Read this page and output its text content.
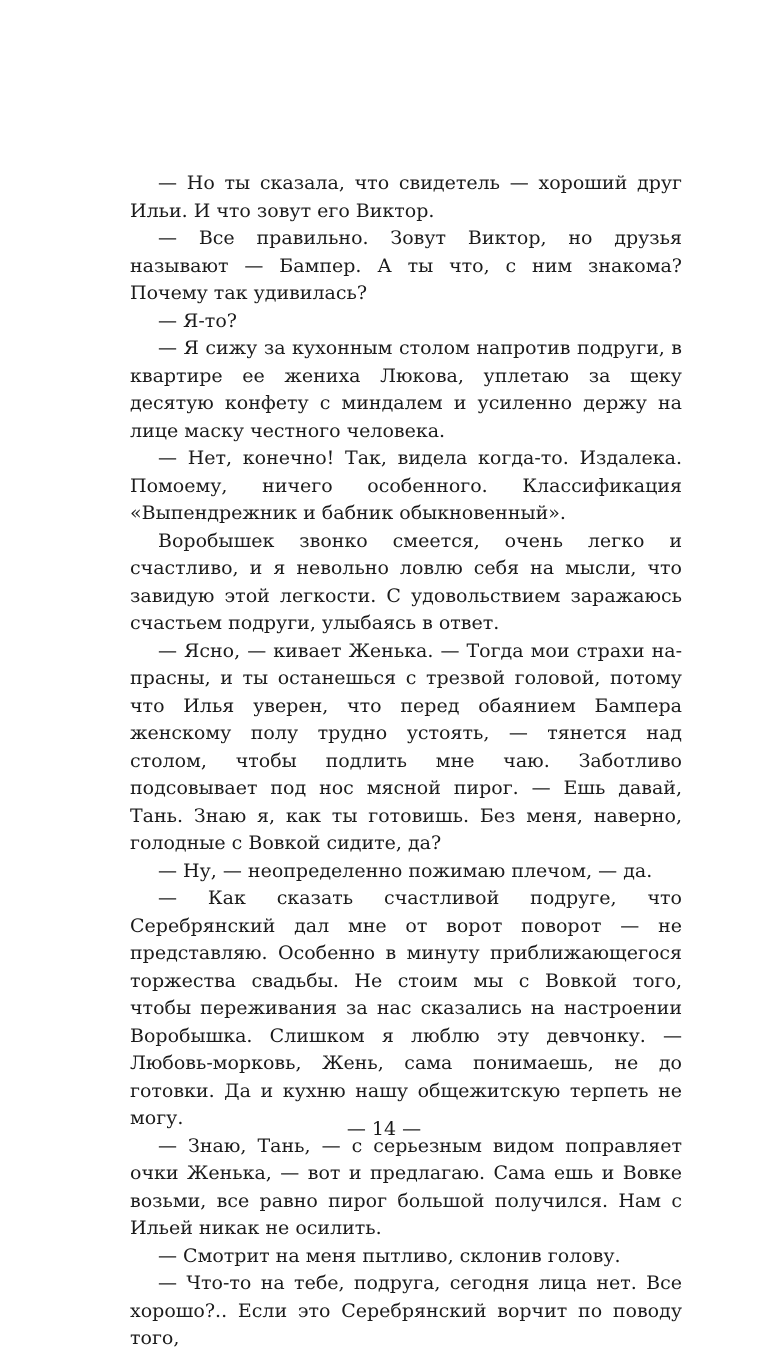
— Но ты сказала, что свидетель — хороший друг Ильи. И что зовут его Виктор.

— Все правильно. Зовут Виктор, но друзья называют — Бампер. А ты что, с ним знакома? Почему так удивилась?

— Я-то?

— Я сижу за кухонным столом напротив подруги, в квартире ее жениха Люкова, уплетаю за щеку десятую конфету с миндалем и усиленно держу на лице маску честного человека.

— Нет, конечно! Так, видела когда-то. Издалека. Помоему, ничего особенного. Классификация «Выпендрежник и бабник обыкновенный».

Воробышек звонко смеется, очень легко и счастливо, и я невольно ловлю себя на мысли, что завидую этой легкости. С удовольствием заражаюсь счастьем подруги, улыбаясь в ответ.

— Ясно, — кивает Женька. — Тогда мои страхи напрасны, и ты останешься с трезвой головой, потому что Илья уверен, что перед обаянием Бампера женскому полу трудно устоять, — тянется над столом, чтобы подлить мне чаю. Заботливо подсовывает под нос мясной пирог. — Ешь давай, Тань. Знаю я, как ты готовишь. Без меня, наверно, голодные с Вовкой сидите, да?

— Ну, — неопределенно пожимаю плечом, — да.

— Как сказать счастливой подруге, что Серебрянский дал мне от ворот поворот — не представляю. Особенно в минуту приближающегося торжества свадьбы. Не стоим мы с Вовкой того, чтобы переживания за нас сказались на настроении Воробышка. Слишком я люблю эту девчонку. — Любовь-морковь, Жень, сама понимаешь, не до готовки. Да и кухню нашу общежитскую терпеть не могу.

— Знаю, Тань, — с серьезным видом поправляет очки Женька, — вот и предлагаю. Сама ешь и Вовке возьми, все равно пирог большой получился. Нам с Ильей никак не осилить.

— Смотрит на меня пытливо, склонив голову.

— Что-то на тебе, подруга, сегодня лица нет. Все хорошо?.. Если это Серебрянский ворчит по поводу того,

— 14 —
